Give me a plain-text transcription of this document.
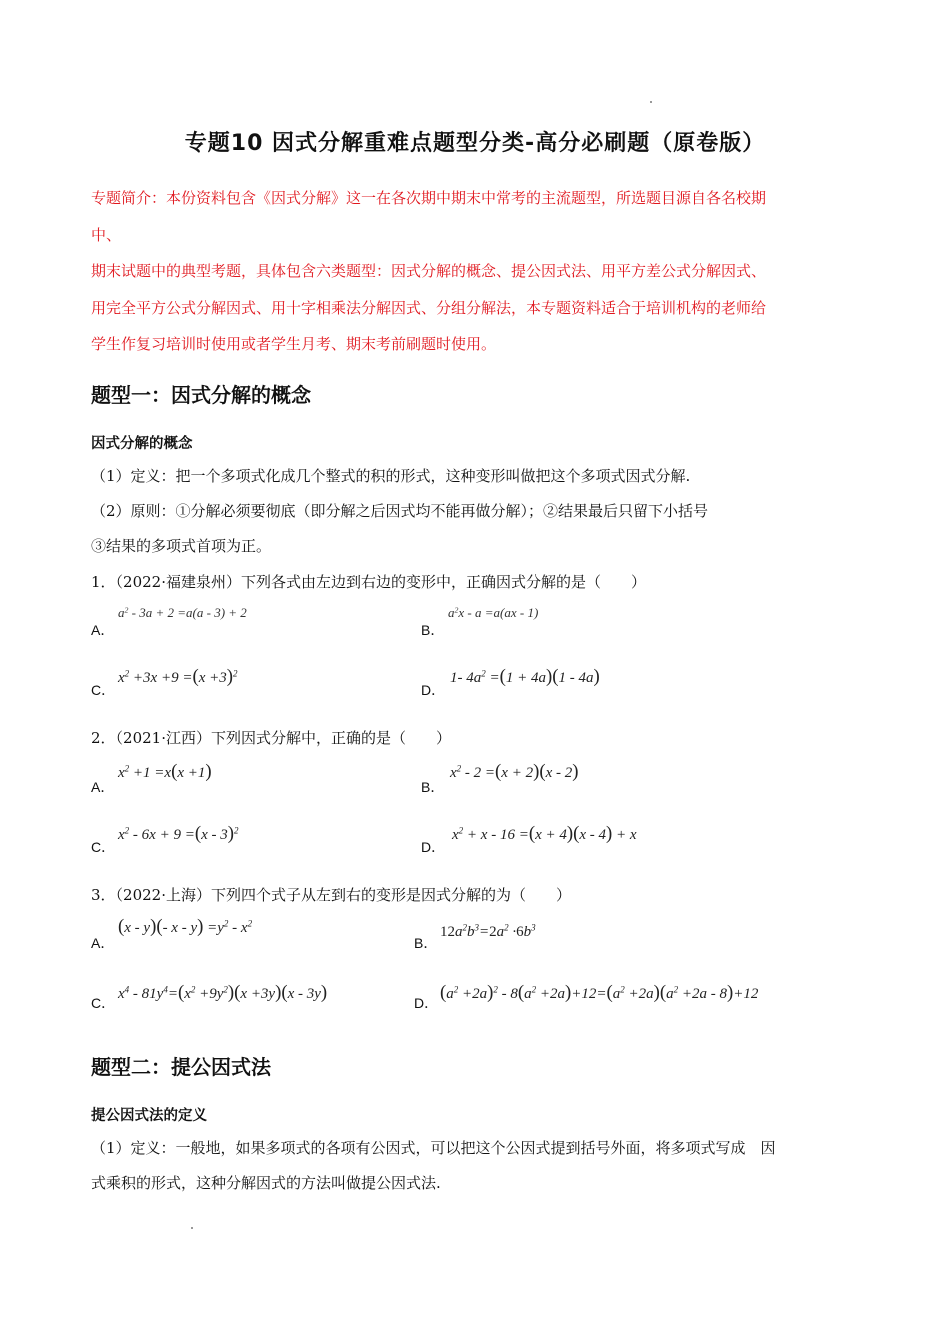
专题10 因式分解重难点题型分类-高分必刷题（原卷版）
专题简介：本份资料包含《因式分解》这一在各次期中期末中常考的主流题型，所选题目源自各名校期
中、
期末试题中的典型考题，具体包含六类题型：因式分解的概念、提公因式法、用平方差公式分解因式、
用完全平方公式分解因式、用十字相乘法分解因式、分组分解法，本专题资料适合于培训机构的老师给
学生作复习培训时使用或者学生月考、期末考前刷题时使用。
题型一：因式分解的概念
因式分解的概念
（1）定义：把一个多项式化成几个整式的积的形式，这种变形叫做把这个多项式因式分解.
（2）原则：①分解必须要彻底（即分解之后因式均不能再做分解）；②结果最后只留下小括号
③结果的多项式首项为正。
1．（2022·福建泉州）下列各式由左边到右边的变形中，正确因式分解的是（　　）
A．
$a^2 - 3a + 2 =a(a - 3) + 2$
B．
$a^2x - a =a(ax - 1)$
C．
$x^2 +3x +9 =(x +3)^2$
D．
1- $4a^2 =(1 + 4a)(1 - 4a)$
2．（2021·江西）下列因式分解中，正确的是（　　）
A．
$x^2 +1 =x(x +1)$
B．
$x^2 - 2 =(x + 2)(x - 2)$
C．
$x^2 - 6x + 9 =(x - 3)^2$
D．
$x^2 + x - 16 =(x + 4)(x - 4) + x$
3．（2022·上海）下列四个式子从左到右的变形是因式分解的为（　　）
A．
(x - y)(- $x - y) =y^2 - x^2$
B．
$12a^2b^3=2a^2 \cdot 6b^3$
C．
$x^4 - 81y^4=(x^2 +9y^2)(x +3y)(x - 3y)$	D． $(a^2 +2a)^2 - 8(a^2 +2a)+12=(a^2 +2a)(a^2 +2a - 8)+12$
题型二：提公因式法
提公因式法的定义
（1）定义：一般地，如果多项式的各项有公因式，可以把这个公因式提到括号外面，将多项式写成　因
式乘积的形式，这种分解因式的方法叫做提公因式法.
